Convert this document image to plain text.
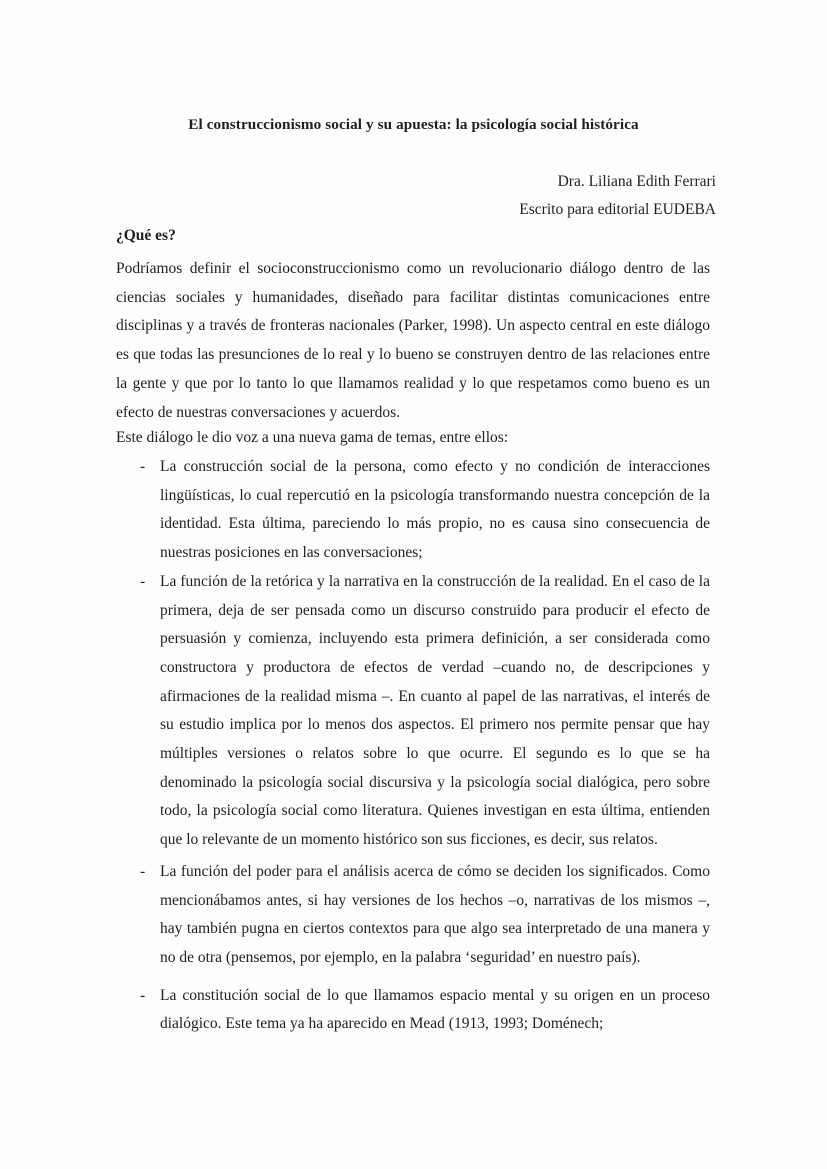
El construccionismo social y su apuesta: la psicología social histórica

Dra. Liliana Edith Ferrari

Escrito para editorial EUDEBA

¿Qué es?

Podríamos definir el socioconstruccionismo como un revolucionario diálogo dentro de las ciencias sociales y humanidades, diseñado para facilitar distintas comunicaciones entre disciplinas y a través de fronteras nacionales (Parker, 1998). Un aspecto central en este diálogo es que todas las presunciones de lo real y lo bueno se construyen dentro de las relaciones entre la gente y que por lo tanto lo que llamamos realidad y lo que respetamos como bueno es un efecto de nuestras conversaciones y acuerdos.

Este diálogo le dio voz a una nueva gama de temas, entre ellos:

- La construcción social de la persona, como efecto y no condición de interacciones lingüísticas, lo cual repercutió en la psicología transformando nuestra concepción de la identidad. Esta última, pareciendo lo más propio, no es causa sino consecuencia de nuestras posiciones en las conversaciones;
- La función de la retórica y la narrativa en la construcción de la realidad. En el caso de la primera, deja de ser pensada como un discurso construido para producir el efecto de persuasión y comienza, incluyendo esta primera definición, a ser considerada como constructora y productora de efectos de verdad –cuando no, de descripciones y afirmaciones de la realidad misma –. En cuanto al papel de las narrativas, el interés de su estudio implica por lo menos dos aspectos. El primero nos permite pensar que hay múltiples versiones o relatos sobre lo que ocurre. El segundo es lo que se ha denominado la psicología social discursiva y la psicología social dialógica, pero sobre todo, la psicología social como literatura. Quienes investigan en esta última, entienden que lo relevante de un momento histórico son sus ficciones, es decir, sus relatos.
- La función del poder para el análisis acerca de cómo se deciden los significados. Como mencionábamos antes, si hay versiones de los hechos –o, narrativas de los mismos –, hay también pugna en ciertos contextos para que algo sea interpretado de una manera y no de otra (pensemos, por ejemplo, en la palabra ‘seguridad’ en nuestro país).
- La constitución social de lo que llamamos espacio mental y su origen en un proceso dialógico. Este tema ya ha aparecido en Mead (1913, 1993; Doménech;
